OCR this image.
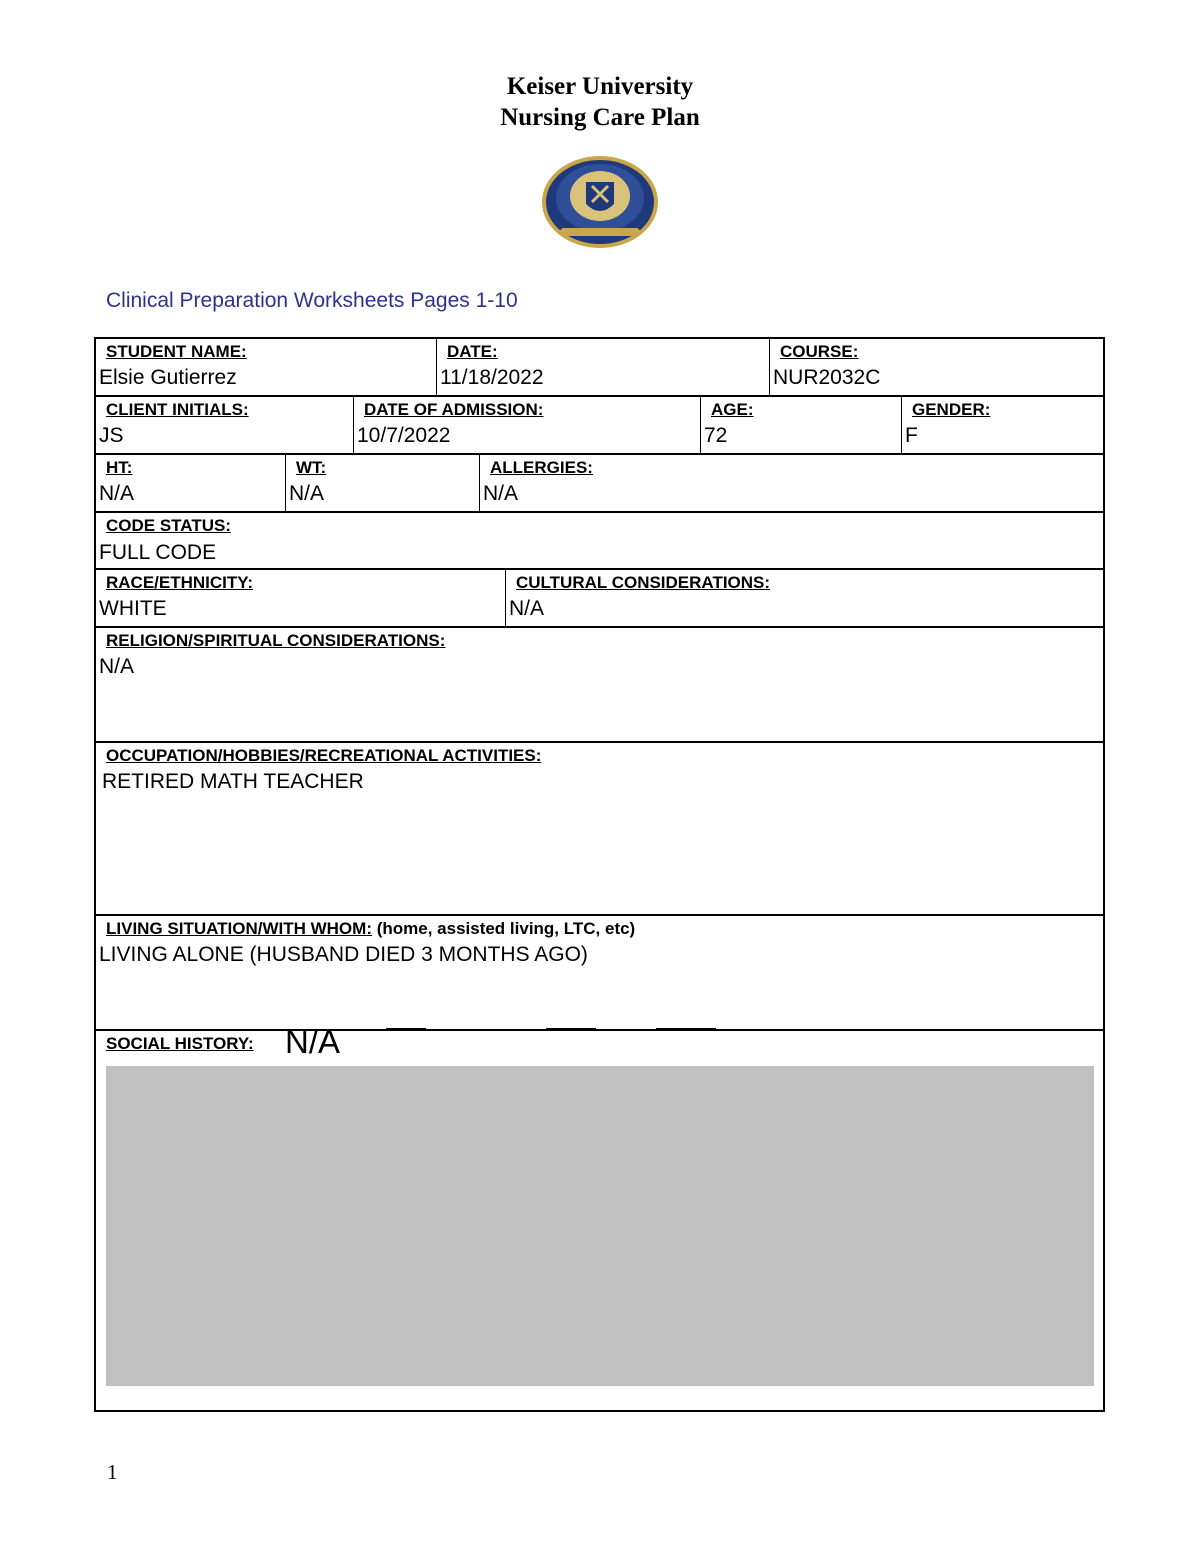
Keiser University
Nursing Care Plan
Clinical Preparation Worksheets Pages 1-10
STUDENT NAME:
Elsie Gutierrez
DATE:
11/18/2022
COURSE:
NUR2032C
CLIENT INITIALS:
JS
DATE OF ADMISSION:
10/7/2022
AGE:
72
GENDER:
F
HT:
N/A
WT:
N/A
ALLERGIES:
N/A
CODE STATUS:
FULL CODE
RACE/ETHNICITY:
WHITE
CULTURAL CONSIDERATIONS:
N/A
RELIGION/SPIRITUAL CONSIDERATIONS:
N/A
OCCUPATION/HOBBIES/RECREATIONAL ACTIVITIES:
RETIRED MATH TEACHER
LIVING SITUATION/WITH WHOM: (home, assisted living, LTC, etc)
LIVING ALONE (HUSBAND DIED 3 MONTHS AGO)
SOCIAL HISTORY: N/A
1
